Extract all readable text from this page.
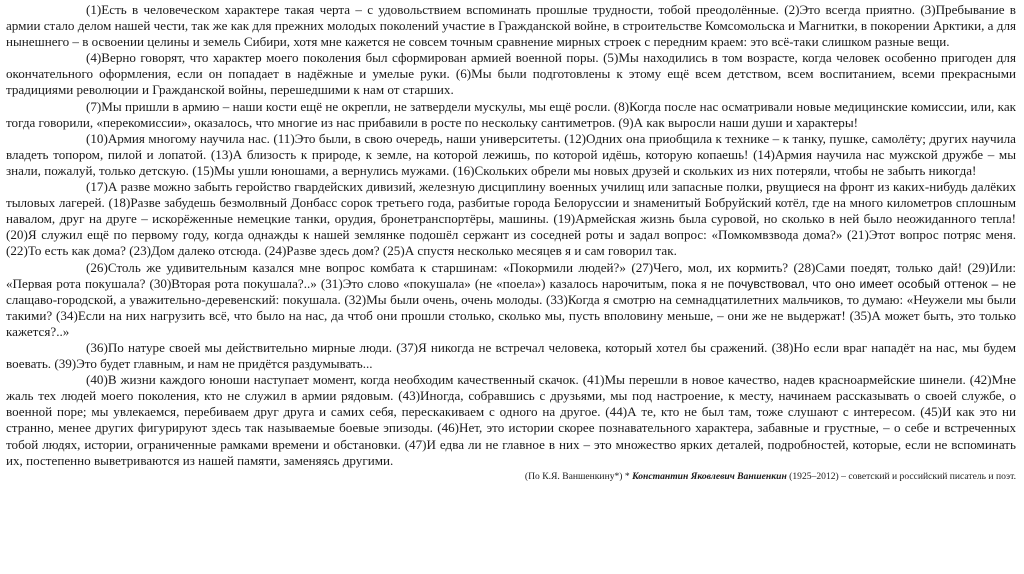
(1)Есть в человеческом характере такая черта – с удовольствием вспоминать прошлые трудности, тобой преодолённые. (2)Это всегда приятно. (3)Пребывание в армии стало делом нашей чести, так же как для прежних молодых поколений участие в Гражданской войне, в строительстве Комсомольска и Магнитки, в покорении Арктики, а для нынешнего – в освоении целины и земель Сибири, хотя мне кажется не совсем точным сравнение мирных строек с передним краем: это всё-таки слишком разные вещи.

(4)Верно говорят, что характер моего поколения был сформирован армией военной поры. (5)Мы находились в том возрасте, когда человек особенно пригоден для окончательного оформления, если он попадает в надёжные и умелые руки. (6)Мы были подготовлены к этому ещё всем детством, всем воспитанием, всеми прекрасными традициями революции и Гражданской войны, перешедшими к нам от старших.

(7)Мы пришли в армию – наши кости ещё не окрепли, не затвердели мускулы, мы ещё росли. (8)Когда после нас осматривали новые медицинские комиссии, или, как тогда говорили, «перекомиссии», оказалось, что многие из нас прибавили в росте по нескольку сантиметров. (9)А как выросли наши души и характеры!

(10)Армия многому научила нас. (11)Это были, в свою очередь, наши университеты. (12)Одних она приобщила к технике – к танку, пушке, самолёту; других научила владеть топором, пилой и лопатой. (13)А близость к природе, к земле, на которой лежишь, по которой идёшь, которую копаешь! (14)Армия научила нас мужской дружбе – мы знали, пожалуй, только детскую. (15)Мы ушли юношами, а вернулись мужами. (16)Скольких обрели мы новых друзей и скольких из них потеряли, чтобы не забыть никогда!

(17)А разве можно забыть геройство гвардейских дивизий, железную дисциплину военных училищ или запасные полки, рвущиеся на фронт из каких-нибудь далёких тыловых лагерей. (18)Разве забудешь безмолвный Донбасс сорок третьего года, разбитые города Белоруссии и знаменитый Бобруйский котёл, где на много километров сплошным навалом, друг на друге – искорёженные немецкие танки, орудия, бронетранспортёры, машины. (19)Армейская жизнь была суровой, но сколько в ней было неожиданного тепла! (20)Я служил ещё по первому году, когда однажды к нашей землянке подошёл сержант из соседней роты и задал вопрос: «Помкомвзвода дома?» (21)Этот вопрос потряс меня. (22)То есть как дома? (23)Дом далеко отсюда. (24)Разве здесь дом? (25)А спустя несколько месяцев я и сам говорил так.

(26)Столь же удивительным казался мне вопрос комбата к старшинам: «Покормили людей?» (27)Чего, мол, их кормить? (28)Сами поедят, только дай! (29)Или: «Первая рота покушала? (30)Вторая рота покушала?..» (31)Это слово «покушала» (не «поела») казалось нарочитым, пока я не почувствовал, что оно имеет особый оттенок – не слащаво-городской, а уважительно-деревенский: покушала. (32)Мы были очень, очень молоды. (33)Когда я смотрю на семнадцатилетних мальчиков, то думаю: «Неужели мы были такими? (34)Если на них нагрузить всё, что было на нас, да чтоб они прошли столько, сколько мы, пусть вполовину меньше, – они же не выдержат! (35)А может быть, это только кажется?..»

(36)По натуре своей мы действительно мирные люди. (37)Я никогда не встречал человека, который хотел бы сражений. (38)Но если враг нападёт на нас, мы будем воевать. (39)Это будет главным, и нам не придётся раздумывать...

(40)В жизни каждого юноши наступает момент, когда необходим качественный скачок. (41)Мы перешли в новое качество, надев красноармейские шинели. (42)Мне жаль тех людей моего поколения, кто не служил в армии рядовым. (43)Иногда, собравшись с друзьями, мы под настроение, к месту, начинаем рассказывать о своей службе, о военной поре; мы увлекаемся, перебиваем друг друга и самих себя, перескакиваем с одного на другое. (44)А те, кто не был там, тоже слушают с интересом. (45)И как это ни странно, менее других фигурируют здесь так называемые боевые эпизоды. (46)Нет, это истории скорее познавательного характера, забавные и грустные, – о себе и встреченных тобой людях, истории, ограниченные рамками времени и обстановки. (47)И едва ли не главное в них – это множество ярких деталей, подробностей, которые, если не вспоминать их, постепенно выветриваются из нашей памяти, заменяясь другими.

(По К.Я. Ваншенкину*) * Константин Яковлевич Ваншенкин (1925–2012) – советский и российский писатель и поэт.
